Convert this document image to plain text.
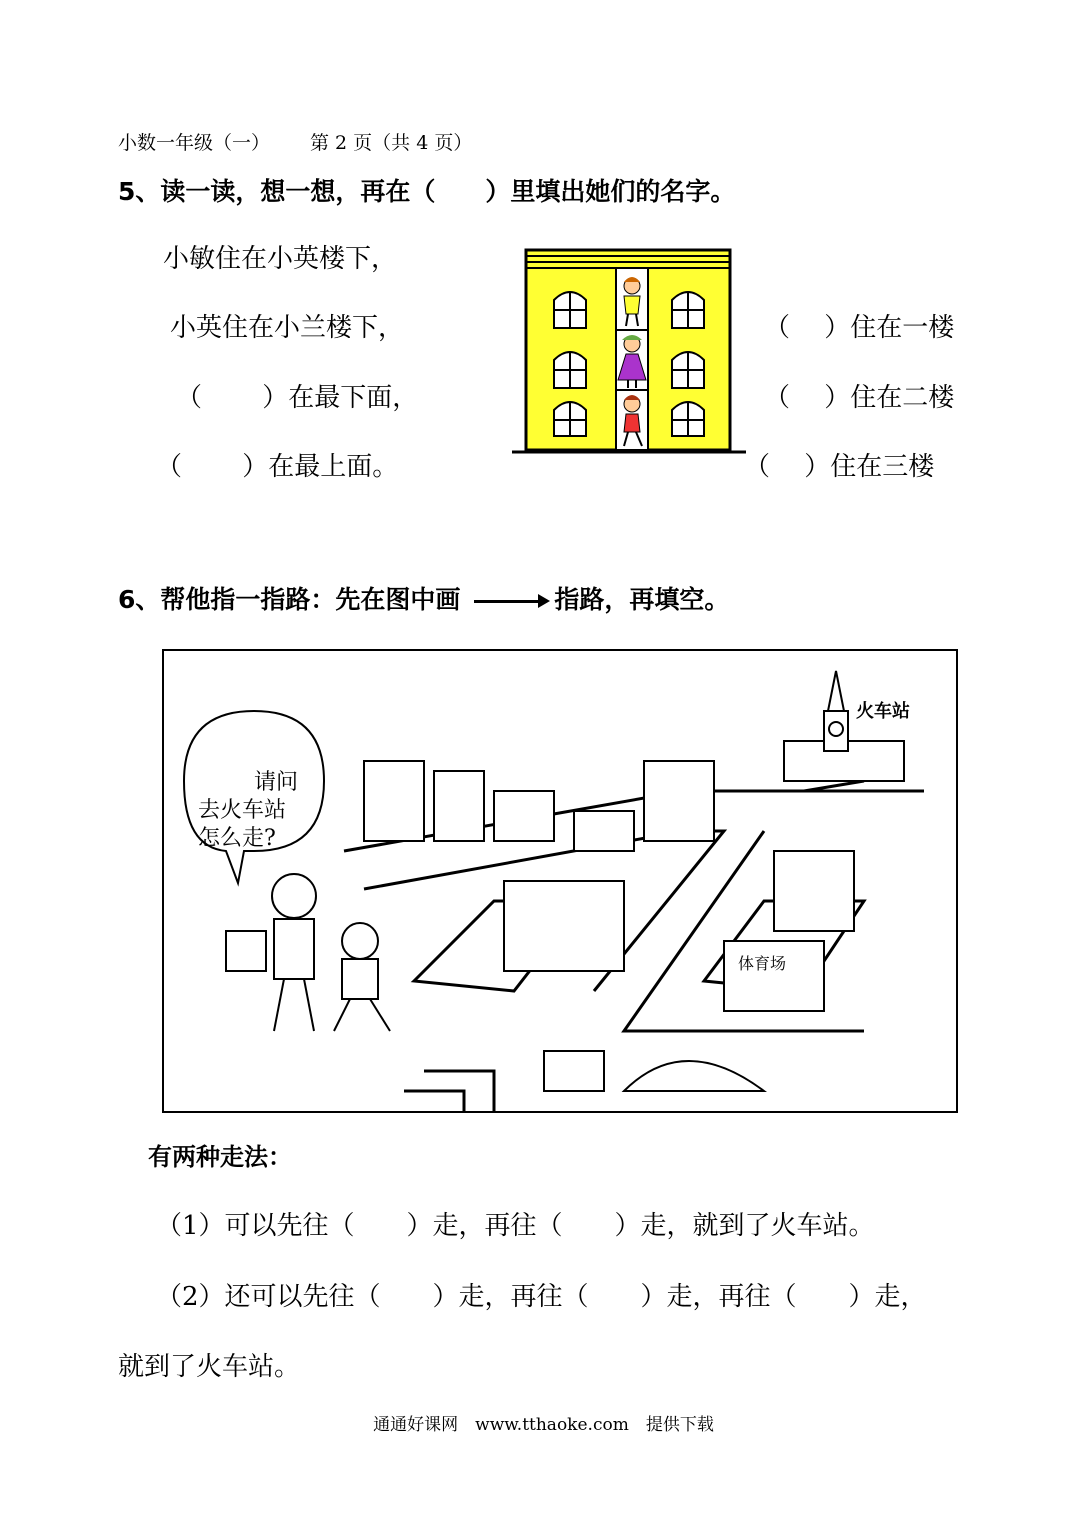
小数一年级（一） 第 2 页（共 4 页）
5、读一读，想一想，再在（　　）里填出她们的名字。
小敏住在小英楼下，
小英住在小兰楼下，
（　　 ）在最下面，
（　　 ）在最上面。
（　 ）住在一楼
（　 ）住在二楼
（　 ）住在三楼
6、帮他指一指路：先在图中画	指路，再填空。
火车站
请问
去火车站
怎么走?
体育场
有两种走法：
（1）可以先往（　　）走，再往（　　）走，就到了火车站。
（2）还可以先往（　　）走，再往（　　）走，再往（　　）走，
就到了火车站。
通通好课网　www.tthaoke.com　提供下载
